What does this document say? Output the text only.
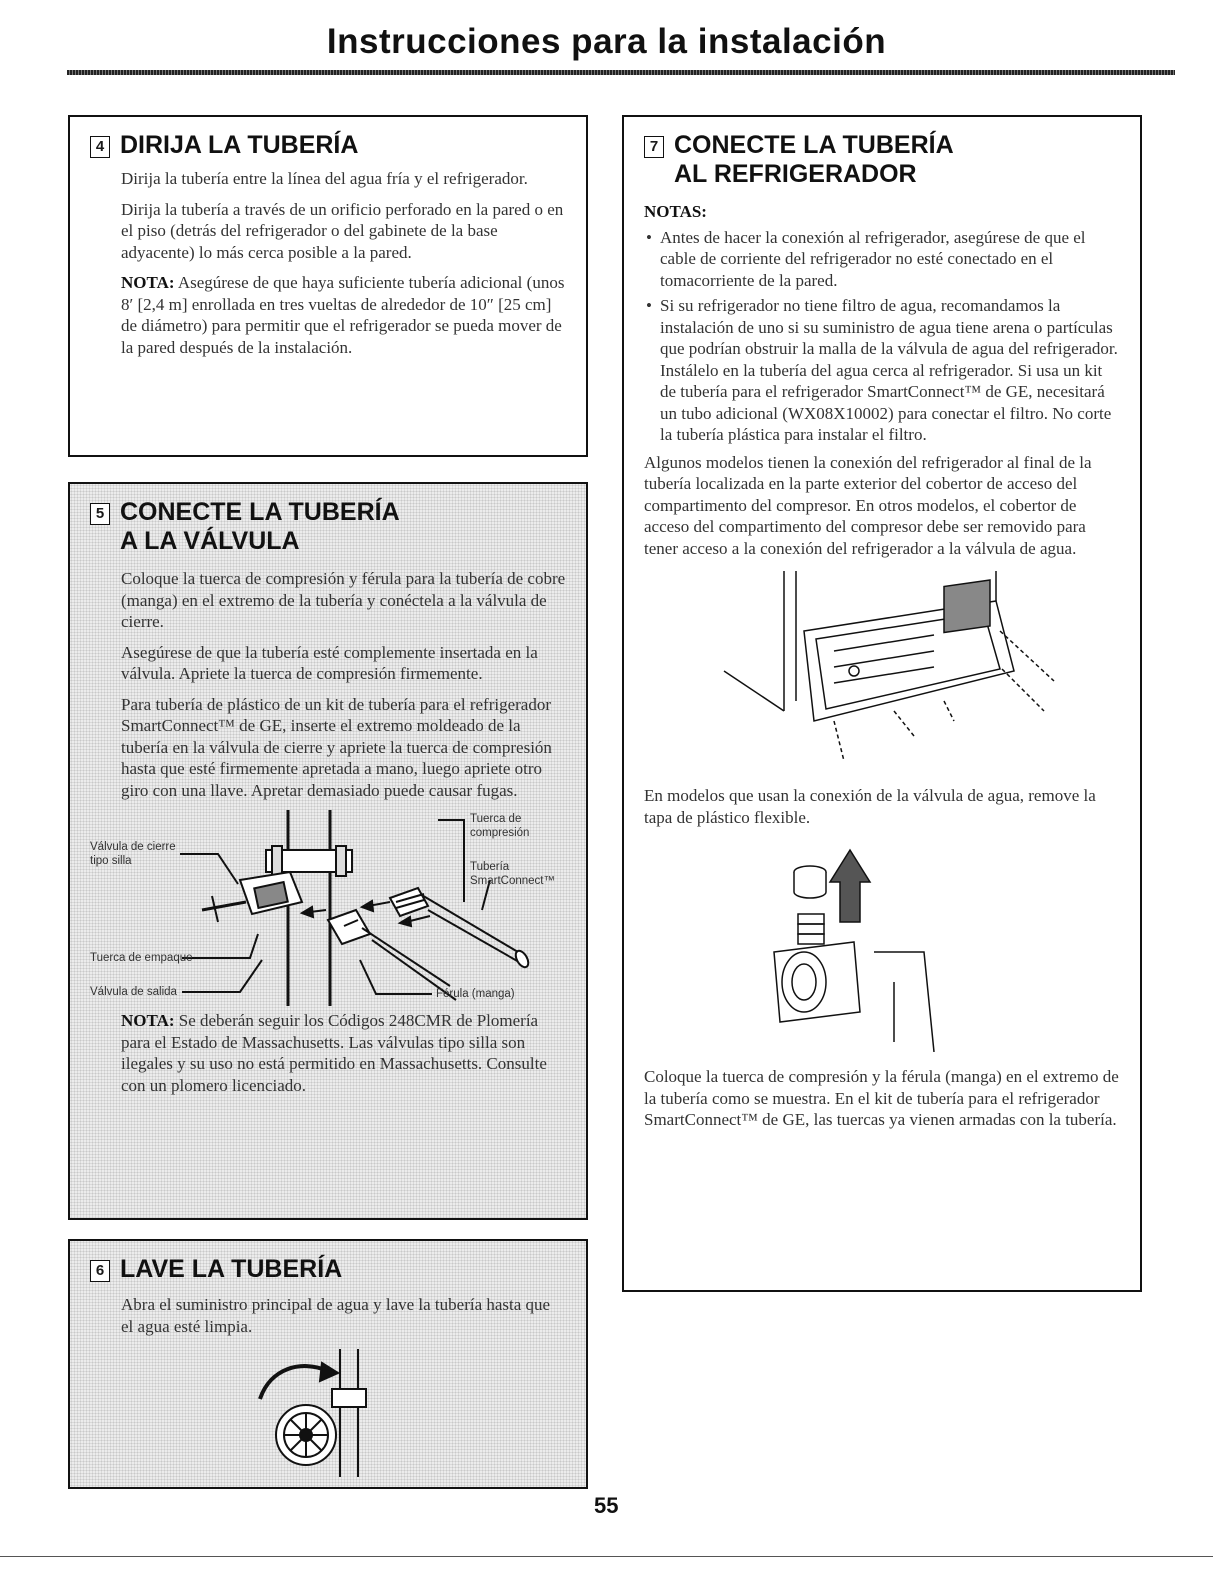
Instrucciones para la instalación
4 DIRIJA LA TUBERÍA

Dirija la tubería entre la línea del agua fría y el refrigerador.

Dirija la tubería a través de un orificio perforado en la pared o en el piso (detrás del refrigerador o del gabinete de la base adyacente) lo más cerca posible a la pared.

NOTA: Asegúrese de que haya suficiente tubería adicional (unos 8′ [2,4 m] enrollada en tres vueltas de alrededor de 10″ [25 cm] de diámetro) para permitir que el refrigerador se pueda mover de la pared después de la instalación.

5 CONECTE LA TUBERÍA
A LA VÁLVULA

Coloque la tuerca de compresión y férula para la tubería de cobre (manga) en el extremo de la tubería y conéctela a la válvula de cierre.

Asegúrese de que la tubería esté complemente insertada en la válvula. Apriete la tuerca de compresión firmemente.

Para tubería de plástico de un kit de tubería para el refrigerador SmartConnect™ de GE, inserte el extremo moldeado de la tubería en la válvula de cierre y apriete la tuerca de compresión hasta que esté firmemente apretada a mano, luego apriete otro giro con una llave. Apretar demasiado puede causar fugas.

Válvula de cierre
tipo silla
Tuerca de empaque
Válvula de salida
Tuerca de
compresión
Tubería
SmartConnect™
Férula (manga)

NOTA: Se deberán seguir los Códigos 248CMR de Plomería para el Estado de Massachusetts. Las válvulas tipo silla son ilegales y su uso no está permitido en Massachusetts. Consulte con un plomero licenciado.

6 LAVE LA TUBERÍA

Abra el suministro principal de agua y lave la tubería hasta que el agua esté limpia.

7 CONECTE LA TUBERÍA
AL REFRIGERADOR

NOTAS:

• Antes de hacer la conexión al refrigerador, asegúrese de que el cable de corriente del refrigerador no esté conectado en el tomacorriente de la pared.
• Si su refrigerador no tiene filtro de agua, recomandamos la instalación de uno si su suministro de agua tiene arena o partículas que podrían obstruir la malla de la válvula de agua del refrigerador. Instálelo en la tubería del agua cerca al refrigerador. Si usa un kit de tubería para el refrigerador SmartConnect™ de GE, necesitará un tubo adicional (WX08X10002) para conectar el filtro. No corte la tubería plástica para instalar el filtro.

Algunos modelos tienen la conexión del refrigerador al final de la tubería localizada en la parte exterior del cobertor de acceso del compartimento del compresor. En otros modelos, el cobertor de acceso del compartimento del compresor debe ser removido para tener acceso a la conexión del refrigerador a la válvula de agua.

En modelos que usan la conexión de la válvula de agua, remove la tapa de plástico flexible.

Coloque la tuerca de compresión y la férula (manga) en el extremo de la tubería como se muestra. En el kit de tubería para el refrigerador SmartConnect™ de GE, las tuercas ya vienen armadas con la tubería.

55
